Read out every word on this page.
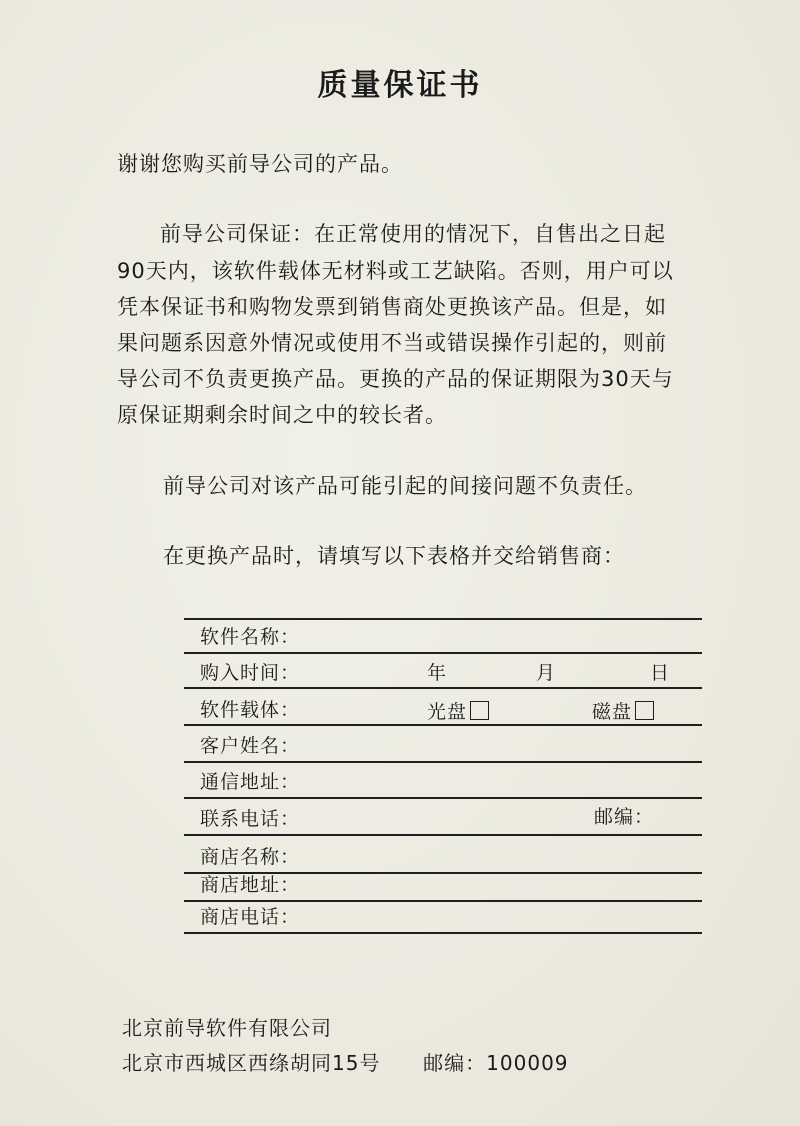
质量保证书
谢谢您购买前导公司的产品。
前导公司保证：在正常使用的情况下，自售出之日起
90天内，该软件载体无材料或工艺缺陷。否则，用户可以
凭本保证书和购物发票到销售商处更换该产品。但是，如
果问题系因意外情况或使用不当或错误操作引起的，则前
导公司不负责更换产品。更换的产品的保证期限为30天与
原保证期剩余时间之中的较长者。
前导公司对该产品可能引起的间接问题不负责任。
在更换产品时，请填写以下表格并交给销售商：
软件名称：
购入时间：	年	月	日
软件载体：	光盘	磁盘
客户姓名：
通信地址：
联系电话：	邮编：
商店名称：
商店地址：
商店电话：
北京前导软件有限公司
北京市西城区西绦胡同15号 邮编：100009
